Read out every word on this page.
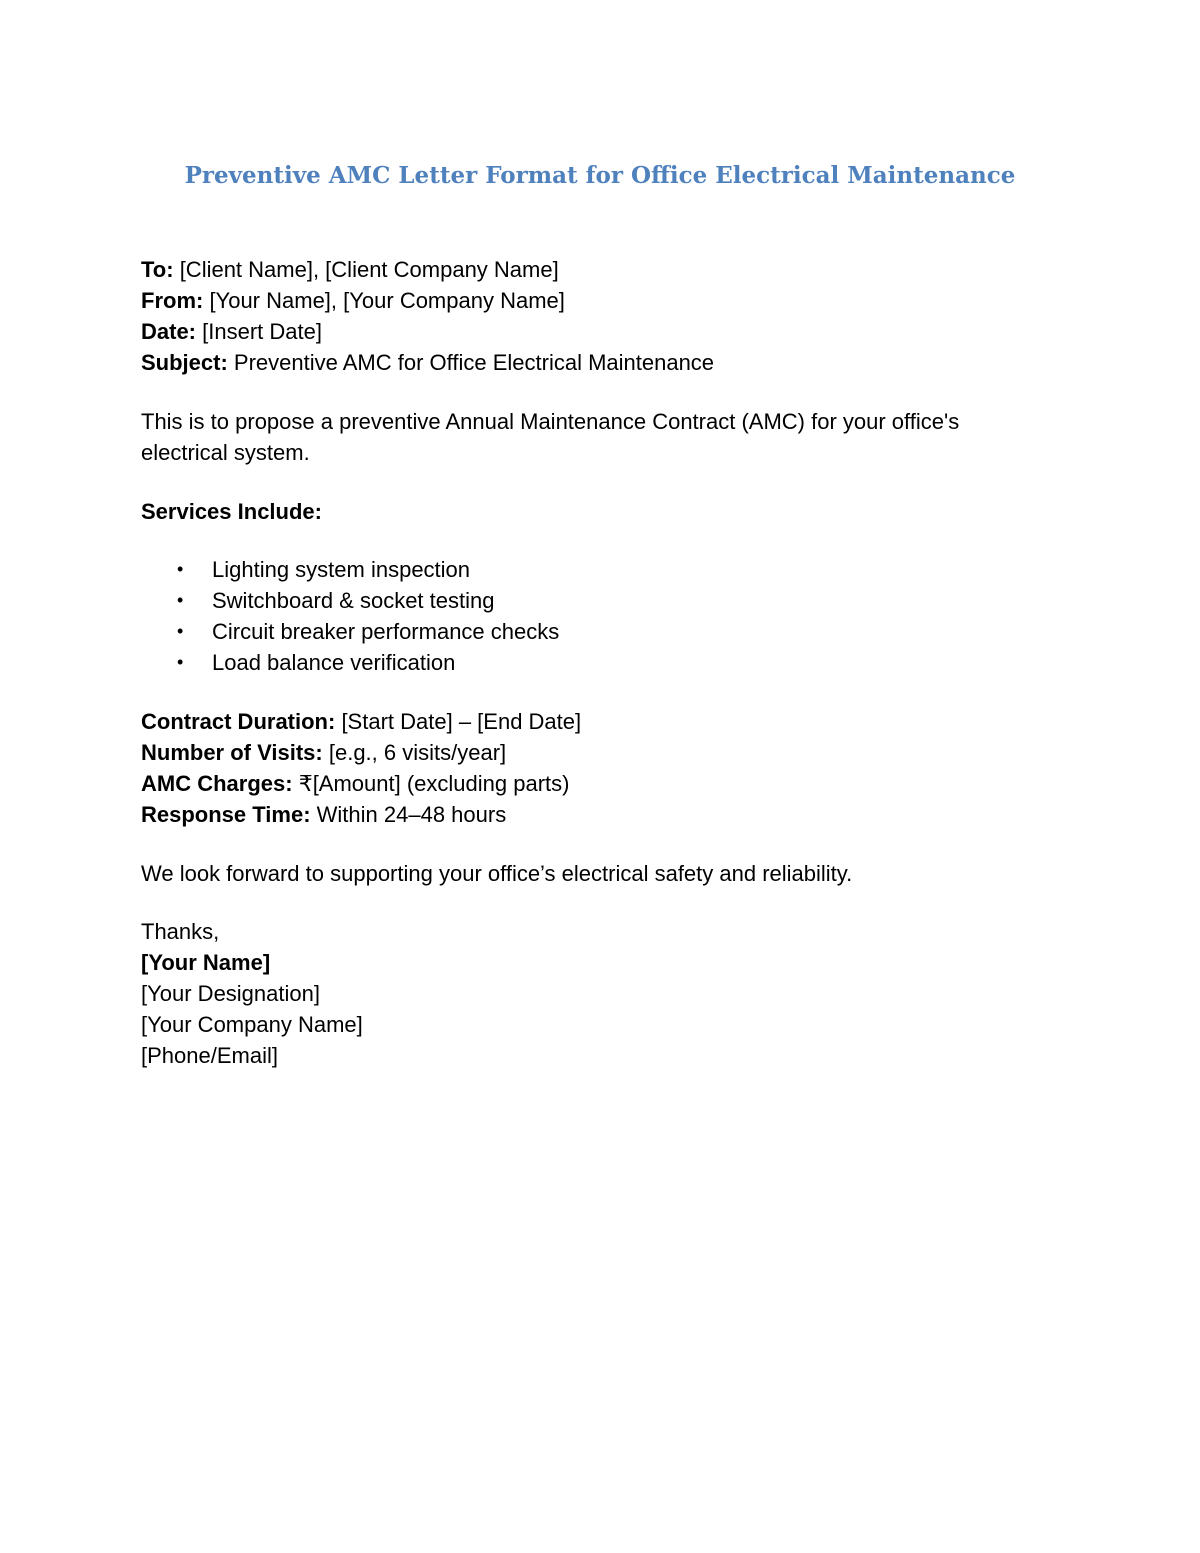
Preventive AMC Letter Format for Office Electrical Maintenance
To: [Client Name], [Client Company Name]
From: [Your Name], [Your Company Name]
Date: [Insert Date]
Subject: Preventive AMC for Office Electrical Maintenance
This is to propose a preventive Annual Maintenance Contract (AMC) for your office's
electrical system.
Services Include:
• Lighting system inspection
• Switchboard & socket testing
• Circuit breaker performance checks
• Load balance verification
Contract Duration: [Start Date] – [End Date]
Number of Visits: [e.g., 6 visits/year]
AMC Charges: ₹[Amount] (excluding parts)
Response Time: Within 24–48 hours
We look forward to supporting your office’s electrical safety and reliability.
Thanks,
[Your Name]
[Your Designation]
[Your Company Name]
[Phone/Email]
